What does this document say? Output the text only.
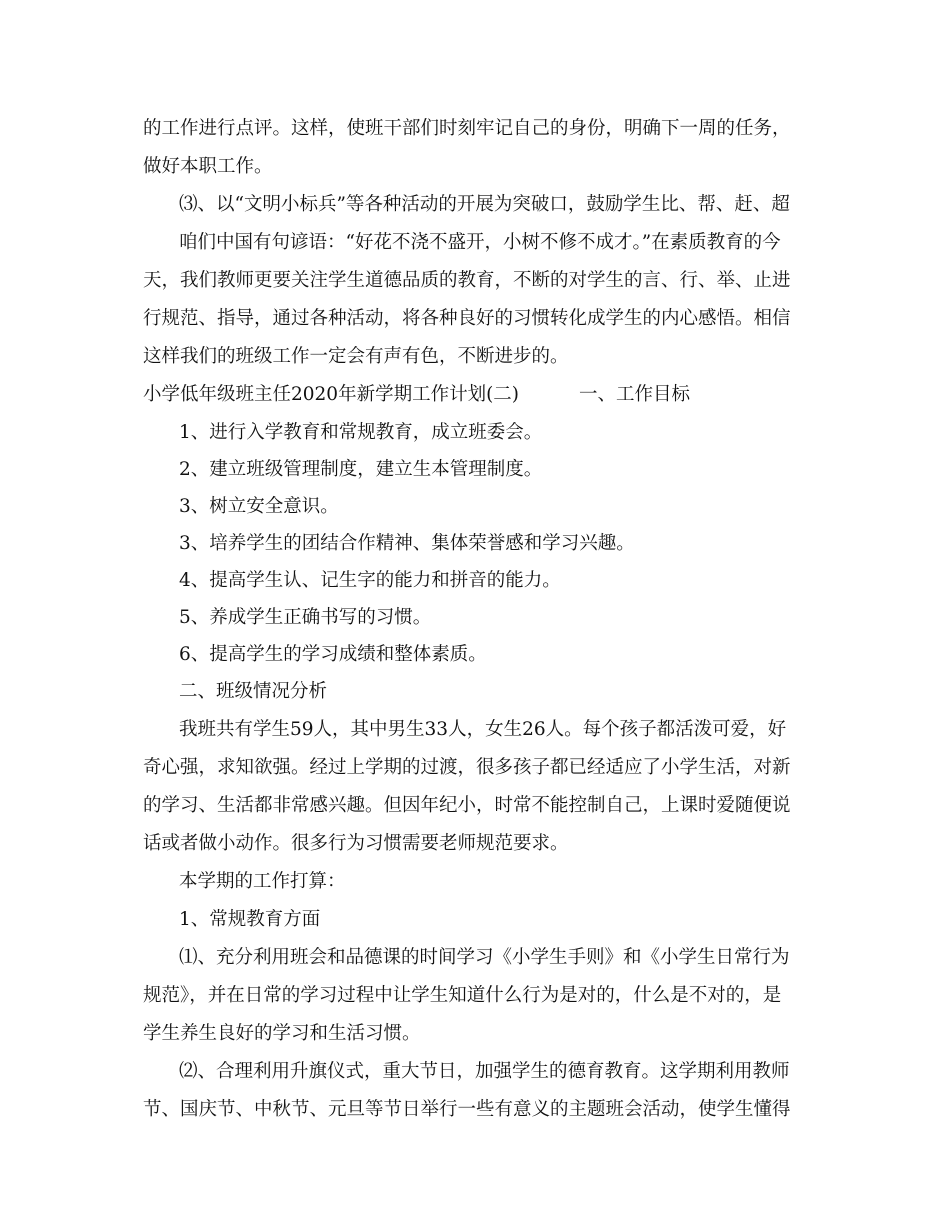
的工作进行点评。这样，使班干部们时刻牢记自己的身份，明确下一周的任务，
做好本职工作。
⑶、以“文明小标兵”等各种活动的开展为突破口，鼓励学生比、帮、赶、超
咱们中国有句谚语：“好花不浇不盛开，小树不修不成才。”在素质教育的今
天，我们教师更要关注学生道德品质的教育，不断的对学生的言、行、举、止进
行规范、指导，通过各种活动，将各种良好的习惯转化成学生的内心感悟。相信
这样我们的班级工作一定会有声有色，不断进步的。
小学低年级班主任2020年新学期工作计划(二)	一、工作目标
1、进行入学教育和常规教育，成立班委会。
2、建立班级管理制度，建立生本管理制度。
3、树立安全意识。
3、培养学生的团结合作精神、集体荣誉感和学习兴趣。
4、提高学生认、记生字的能力和拼音的能力。
5、养成学生正确书写的习惯。
6、提高学生的学习成绩和整体素质。
二、班级情况分析
我班共有学生59人，其中男生33人，女生26人。每个孩子都活泼可爱，好
奇心强，求知欲强。经过上学期的过渡，很多孩子都已经适应了小学生活，对新
的学习、生活都非常感兴趣。但因年纪小，时常不能控制自己，上课时爱随便说
话或者做小动作。很多行为习惯需要老师规范要求。
本学期的工作打算：
1、常规教育方面
⑴、充分利用班会和品德课的时间学习《小学生手则》和《小学生日常行为
规范》，并在日常的学习过程中让学生知道什么行为是对的，什么是不对的，是
学生养生良好的学习和生活习惯。
⑵、合理利用升旗仪式，重大节日，加强学生的德育教育。这学期利用教师
节、国庆节、中秋节、元旦等节日举行一些有意义的主题班会活动，使学生懂得
